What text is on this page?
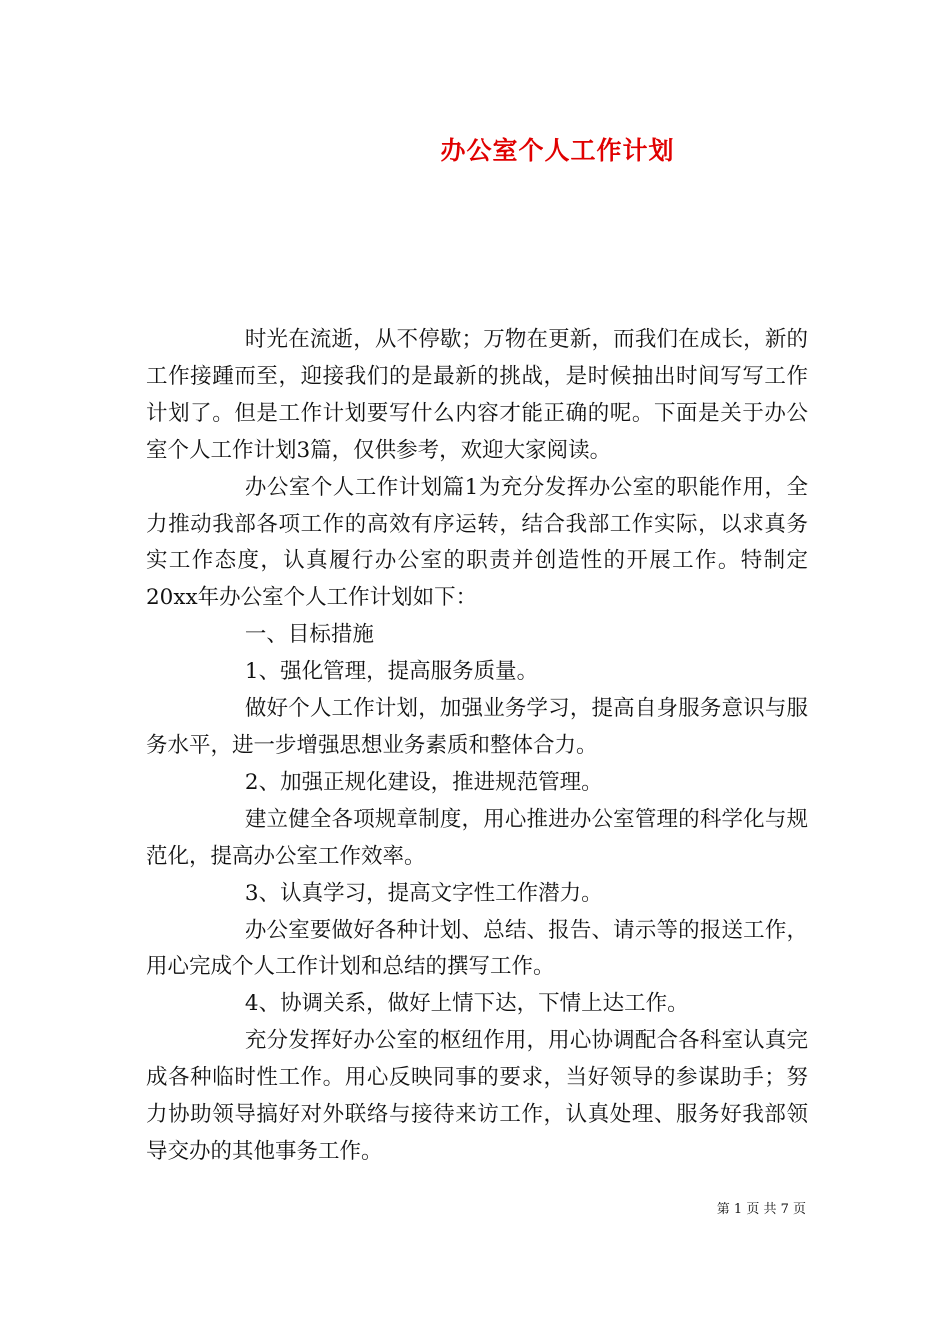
办公室个人工作计划

时光在流逝，从不停歇；万物在更新，而我们在成长，新的工作接踵而至，迎接我们的是最新的挑战，是时候抽出时间写写工作计划了。但是工作计划要写什么内容才能正确的呢。下面是关于办公室个人工作计划3篇，仅供参考，欢迎大家阅读。

办公室个人工作计划篇1为充分发挥办公室的职能作用，全力推动我部各项工作的高效有序运转，结合我部工作实际，以求真务实工作态度，认真履行办公室的职责并创造性的开展工作。特制定20xx年办公室个人工作计划如下：

一、目标措施

1、强化管理，提高服务质量。

做好个人工作计划，加强业务学习，提高自身服务意识与服务水平，进一步增强思想业务素质和整体合力。

2、加强正规化建设，推进规范管理。

建立健全各项规章制度，用心推进办公室管理的科学化与规范化，提高办公室工作效率。

3、认真学习，提高文字性工作潜力。

办公室要做好各种计划、总结、报告、请示等的报送工作，用心完成个人工作计划和总结的撰写工作。

4、协调关系，做好上情下达，下情上达工作。

充分发挥好办公室的枢纽作用，用心协调配合各科室认真完成各种临时性工作。用心反映同事的要求，当好领导的参谋助手；努力协助领导搞好对外联络与接待来访工作，认真处理、服务好我部领导交办的其他事务工作。

第 1 页 共 7 页
